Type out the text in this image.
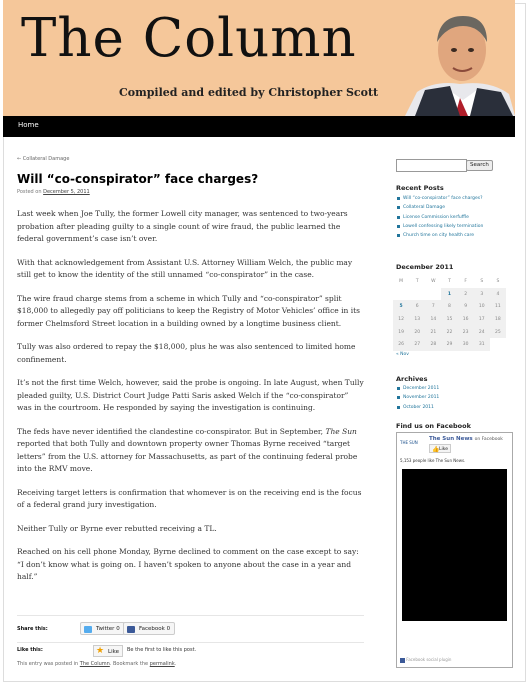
The Column
Compiled and edited by Christopher Scott
Home
← Collateral Damage
Will “co-conspirator” face charges?
Posted on December 5, 2011

Last week when Joe Tully, the former Lowell city manager, was sentenced to two-years probation after pleading guilty to a single count of wire fraud, the public learned the federal government’s case isn’t over.

With that acknowledgement from Assistant U.S. Attorney William Welch, the public may still get to know the identity of the still unnamed “co-conspirator” in the case.

The wire fraud charge stems from a scheme in which Tully and “co-conspirator” split $18,000 to allegedly pay off politicians to keep the Registry of Motor Vehicles’ office in its former Chelmsford Street location in a building owned by a longtime business client.

Tully was also ordered to repay the $18,000, plus he was also sentenced to limited home confinement.

It’s not the first time Welch, however, said the probe is ongoing. In late August, when Tully pleaded guilty, U.S. District Court Judge Patti Saris asked Welch if the “co-conspirator” was in the courtroom. He responded by saying the investigation is continuing.

The feds have never identified the clandestine co-conspirator. But in September, The Sun reported that both Tully and downtown property owner Thomas Byrne received “target letters” from the U.S. attorney for Massachusetts, as part of the continuing federal probe into the RMV move.

Receiving target letters is confirmation that whomever is on the receiving end is the focus of a federal grand jury investigation.

Neither Tully or Byrne ever rebutted receiving a TL.

Reached on his cell phone Monday, Byrne declined to comment on the case except to say: “I don’t know what is going on. I haven’t spoken to anyone about the case in a year and half.”

Share this:	Twitter 0	Facebook 0
Like this:	★ Like	Be the first to like this post.
This entry was posted in The Column. Bookmark the permalink.
Search
Recent Posts
Will “co-conspirator” face charges?
Collateral Damage
License Commission kerfuffle
Lowell confessing likely termination
Church time on city health care
December 2011
M	T	W	T	F	S	S
			1	2	3	4
5	6	7	8	9	10	11
12	13	14	15	16	17	18
19	20	21	22	23	24	25
26	27	28	29	30	31	
« Nov
Archives
December 2011
November 2011
October 2011
Find us on Facebook
THE SUN
The Sun News on Facebook
👍 Like
5,153 people like The Sun News.
Facebook social plugin
